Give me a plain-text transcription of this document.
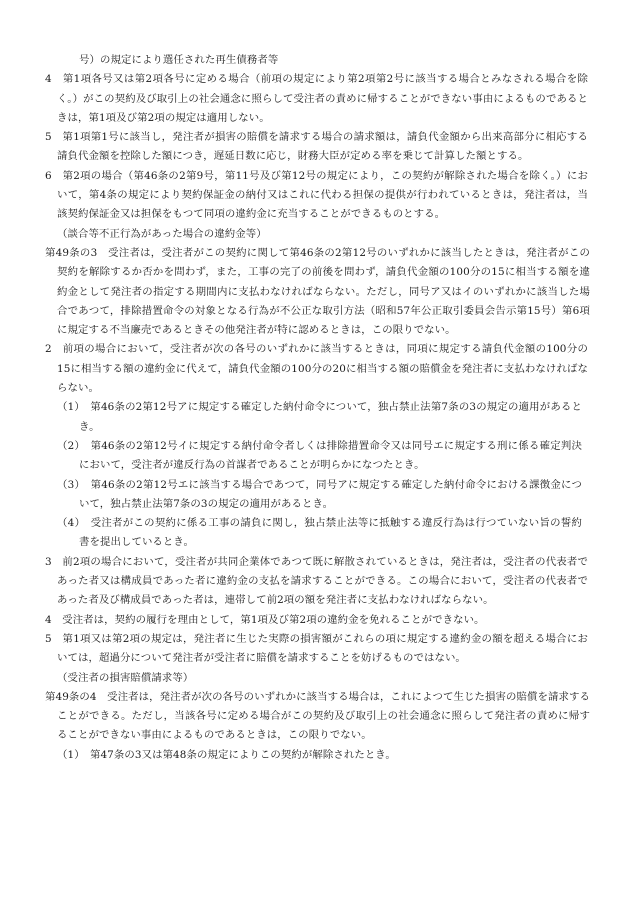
号）の規定により選任された再生債務者等

4　第1項各号又は第2項各号に定める場合（前項の規定により第2項第2号に該当する場合とみなされる場合を除く。）がこの契約及び取引上の社会通念に照らして受注者の責めに帰することができない事由によるものであるときは，第1項及び第2項の規定は適用しない。

5　第1項第1号に該当し，発注者が損害の賠償を請求する場合の請求額は，請負代金額から出来高部分に相応する請負代金額を控除した額につき，遅延日数に応じ，財務大臣が定める率を乗じて計算した額とする。

6　第2項の場合（第46条の2第9号，第11号及び第12号の規定により，この契約が解除された場合を除く。）において，第4条の規定により契約保証金の納付又はこれに代わる担保の提供が行われているときは，発注者は，当該契約保証金又は担保をもつて同項の違約金に充当することができるものとする。

（談合等不正行為があった場合の違約金等）

第49条の3　受注者は，受注者がこの契約に関して第46条の2第12号のいずれかに該当したときは，発注者がこの契約を解除するか否かを問わず，また，工事の完了の前後を問わず，請負代金額の100分の15に相当する額を違約金として発注者の指定する期間内に支払わなければならない。ただし，同号ア又はイのいずれかに該当した場合であつて，排除措置命令の対象となる行為が不公正な取引方法（昭和57年公正取引委員会告示第15号）第6項に規定する不当廉売であるときその他発注者が特に認めるときは，この限りでない。

2　前項の場合において，受注者が次の各号のいずれかに該当するときは，同項に規定する請負代金額の100分の15に相当する額の違約金に代えて，請負代金額の100分の20に相当する額の賠償金を発注者に支払わなければならない。

（1）　第46条の2第12号アに規定する確定した納付命令について，独占禁止法第7条の3の規定の適用があるとき。

（2）　第46条の2第12号イに規定する納付命令者しくは排除措置命令又は同号エに規定する刑に係る確定判決において，受注者が違反行為の首謀者であることが明らかになつたとき。

（3）　第46条の2第12号エに該当する場合であつて，同号アに規定する確定した納付命令における課徴金について，独占禁止法第7条の3の規定の適用があるとき。

（4）　受注者がこの契約に係る工事の請負に関し，独占禁止法等に抵触する違反行為は行つていない旨の誓約書を提出しているとき。

3　前2項の場合において，受注者が共同企業体であつて既に解散されているときは，発注者は，受注者の代表者であった者又は構成員であった者に違約金の支払を請求することができる。この場合において，受注者の代表者であった者及び構成員であった者は，連帯して前2項の額を発注者に支払わなければならない。

4　受注者は，契約の履行を理由として，第1項及び第2項の違約金を免れることができない。

5　第1項又は第2項の規定は，発注者に生じた実際の損害額がこれらの項に規定する違約金の額を超える場合においては，超過分について発注者が受注者に賠償を請求することを妨げるものではない。

（受注者の損害賠償請求等）

第49条の4　受注者は，発注者が次の各号のいずれかに該当する場合は，これによつて生じた損害の賠償を請求することができる。ただし，当該各号に定める場合がこの契約及び取引上の社会通念に照らして発注者の責めに帰することができない事由によるものであるときは，この限りでない。

（1）　第47条の3又は第48条の規定によりこの契約が解除されたとき。
